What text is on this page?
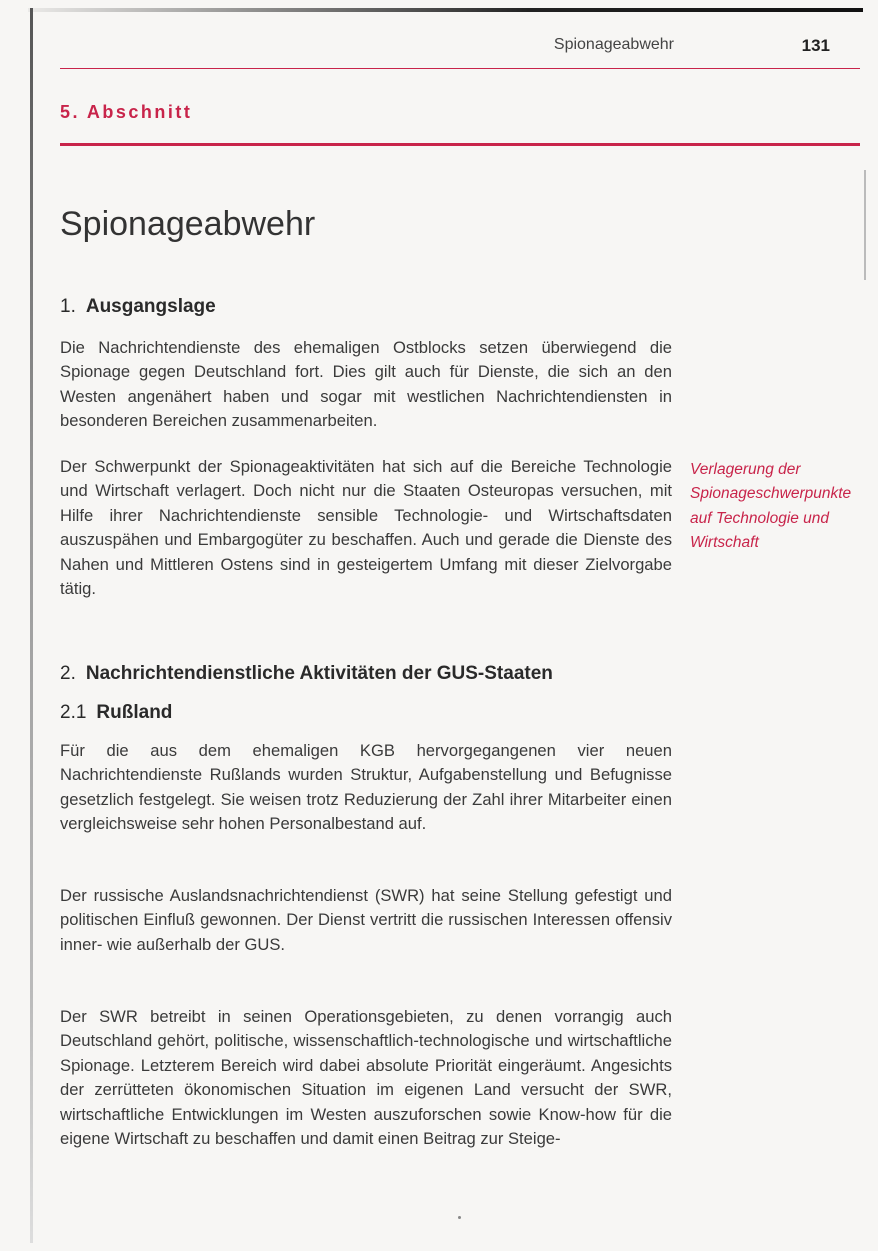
Spionageabwehr	131
5. Abschnitt
Spionageabwehr
1. Ausgangslage

Die Nachrichtendienste des ehemaligen Ostblocks setzen überwiegend die Spionage gegen Deutschland fort. Dies gilt auch für Dienste, die sich an den Westen angenähert haben und sogar mit westlichen Nachrichtendiensten in besonderen Bereichen zusammenarbeiten.

Der Schwerpunkt der Spionageaktivitäten hat sich auf die Bereiche Technologie und Wirtschaft verlagert. Doch nicht nur die Staaten Osteuropas versuchen, mit Hilfe ihrer Nachrichtendienste sensible Technologie- und Wirtschaftsdaten auszuspähen und Embargogüter zu beschaffen. Auch und gerade die Dienste des Nahen und Mittleren Ostens sind in gesteigertem Umfang mit dieser Zielvorgabe tätig.

Verlagerung der Spionageschwerpunkte auf Technologie und Wirtschaft
2. Nachrichtendienstliche Aktivitäten der GUS-Staaten
2.1 Rußland

Für die aus dem ehemaligen KGB hervorgegangenen vier neuen Nachrichtendienste Rußlands wurden Struktur, Aufgabenstellung und Befugnisse gesetzlich festgelegt. Sie weisen trotz Reduzierung der Zahl ihrer Mitarbeiter einen vergleichsweise sehr hohen Personalbestand auf.

Der russische Auslandsnachrichtendienst (SWR) hat seine Stellung gefestigt und politischen Einfluß gewonnen. Der Dienst vertritt die russischen Interessen offensiv inner- wie außerhalb der GUS.

Der SWR betreibt in seinen Operationsgebieten, zu denen vorrangig auch Deutschland gehört, politische, wissenschaftlich-technologische und wirtschaftliche Spionage. Letzterem Bereich wird dabei absolute Priorität eingeräumt. Angesichts der zerrütteten ökonomischen Situation im eigenen Land versucht der SWR, wirtschaftliche Entwicklungen im Westen auszuforschen sowie Know-how für die eigene Wirtschaft zu beschaffen und damit einen Beitrag zur Steige-
